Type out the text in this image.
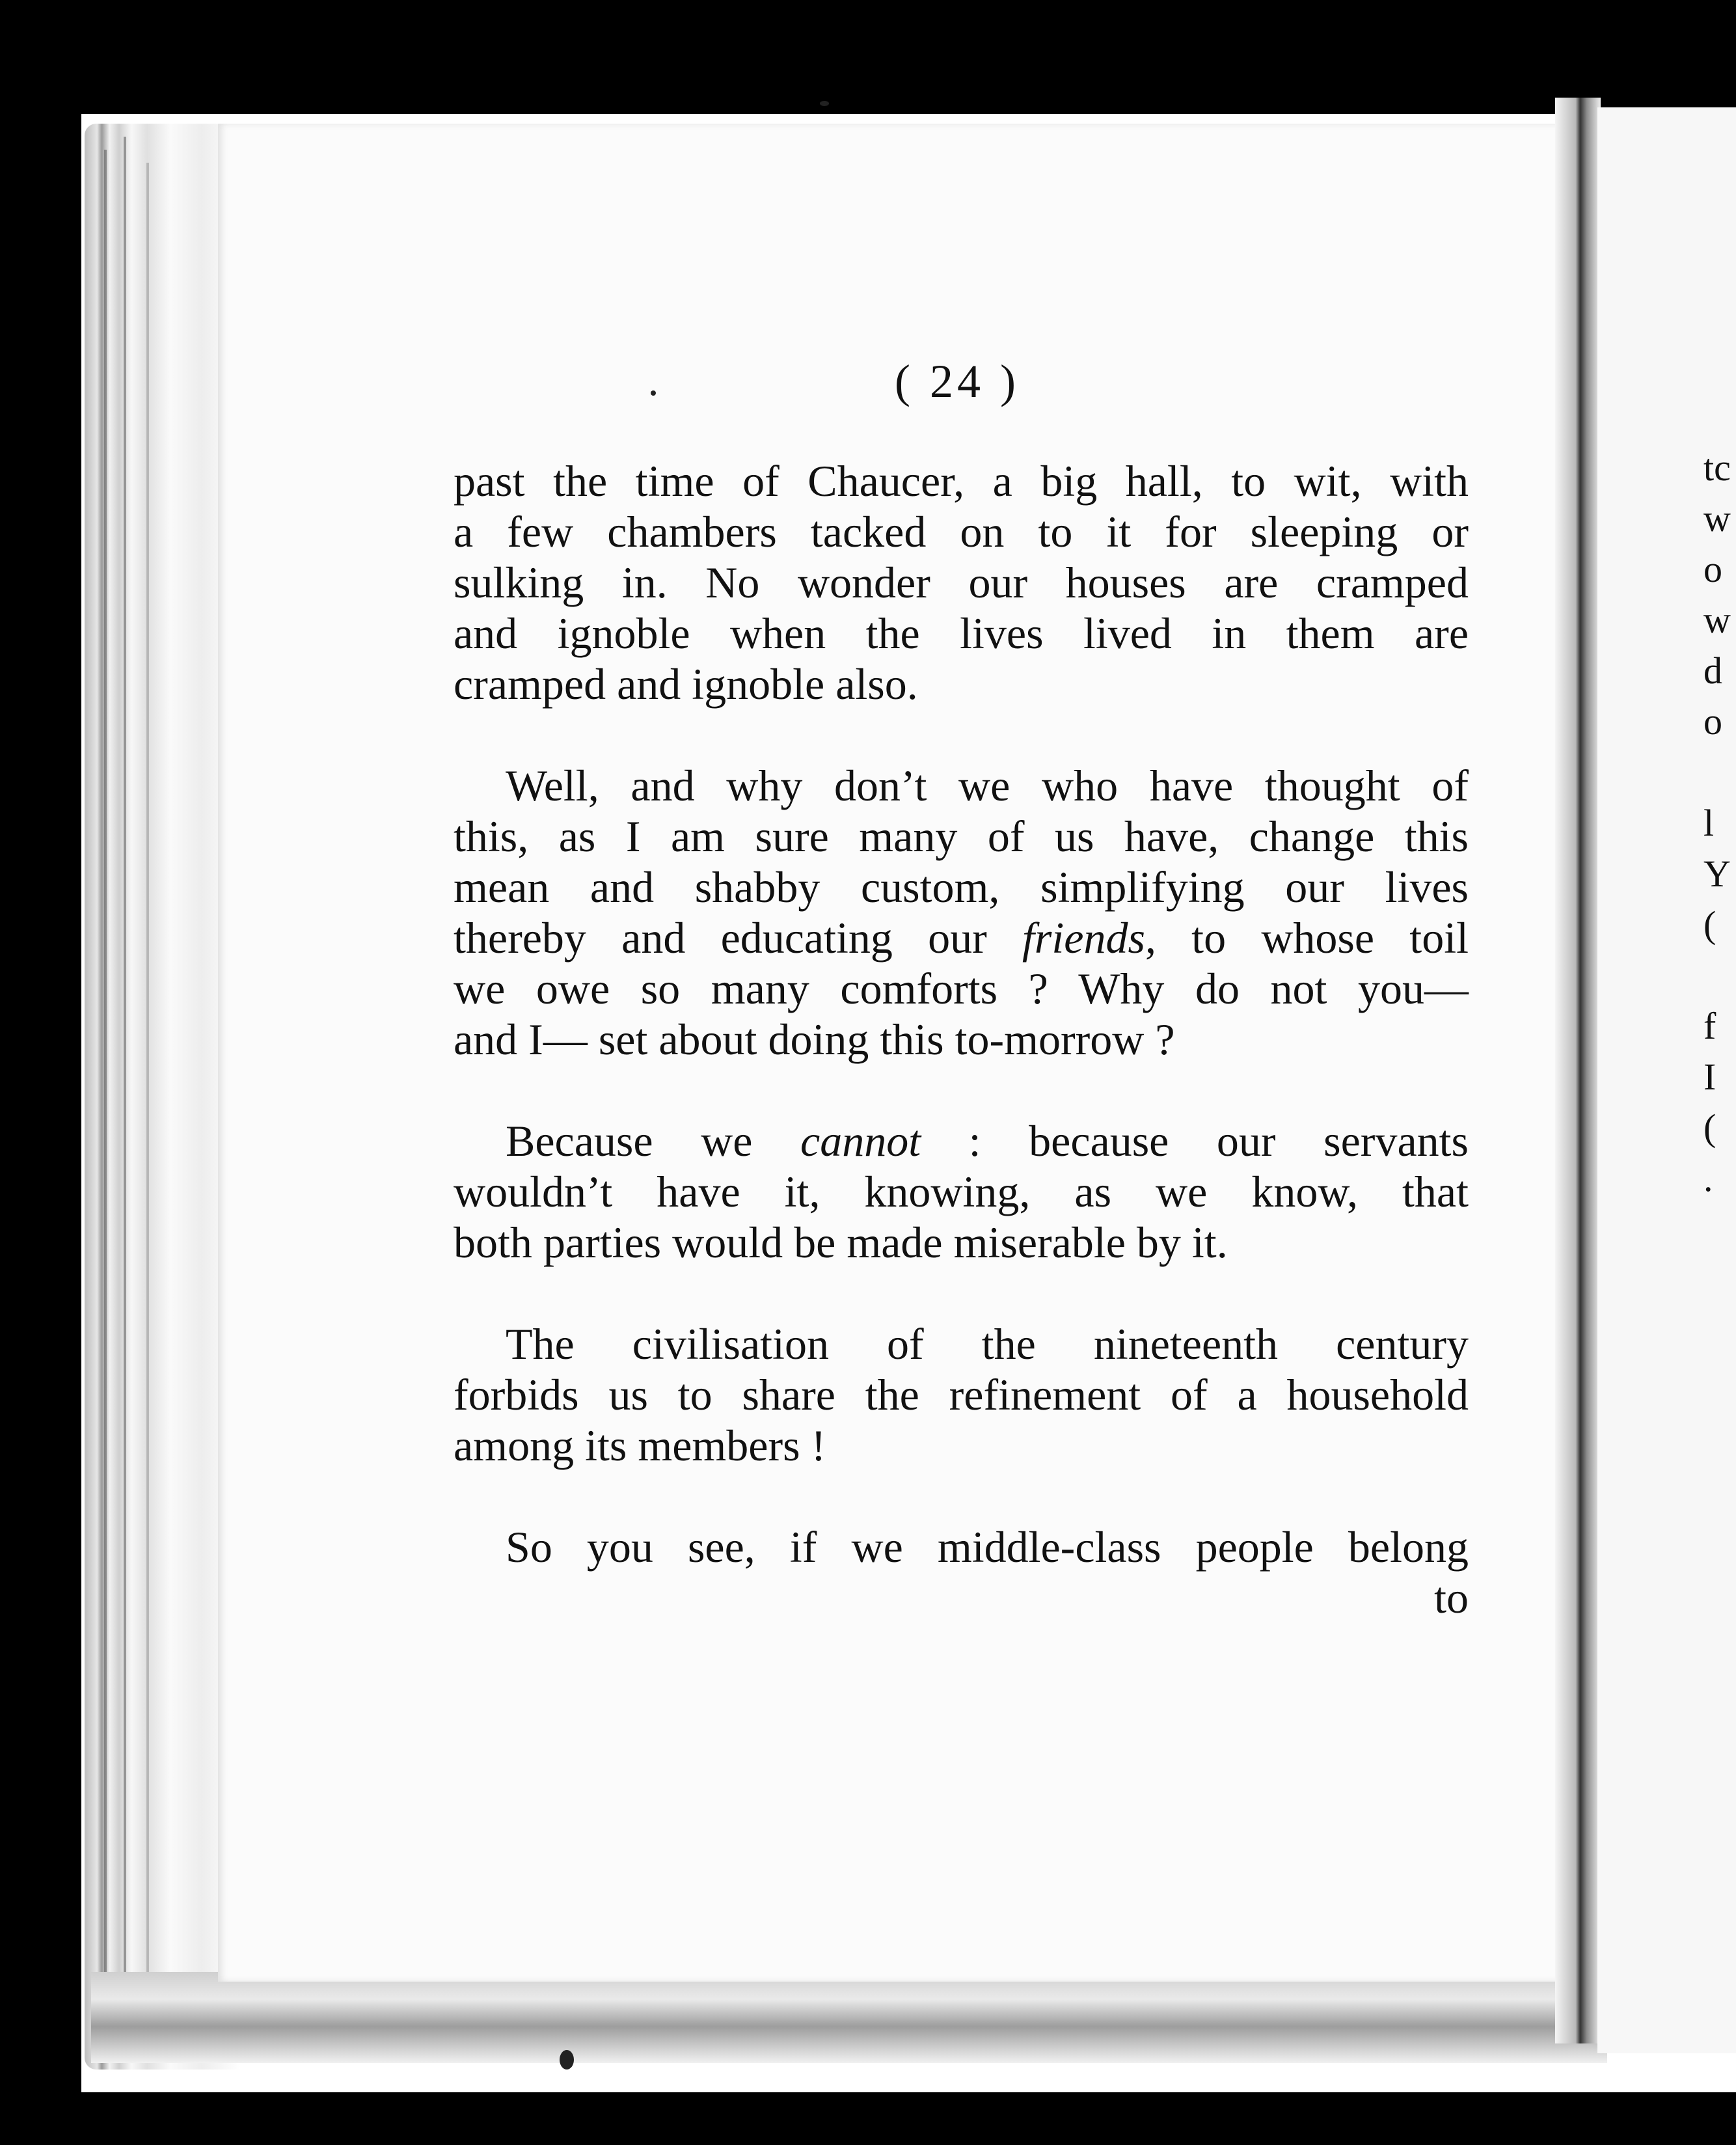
( 24 )

past the time of Chaucer, a big hall, to wit, with
a few chambers tacked on to it for sleeping or
sulking in. No wonder our houses are cramped
and ignoble when the lives lived in them are
cramped and ignoble also.

Well, and why don’t we who have thought of
this, as I am sure many of us have, change this
mean and shabby custom, simplifying our lives
thereby and educating our friends, to whose toil
we owe so many comforts ? Why do not you—
and I— set about doing this to-morrow ?

Because we cannot : because our servants
wouldn’t have it, knowing, as we know, that
both parties would be made miserable by it.

The civilisation of the nineteenth century
forbids us to share the refinement of a household
among its members !

So you see, if we middle-class people belong
to

tc
w
o
w
d
o
l
Y
(
f
I
(
.
